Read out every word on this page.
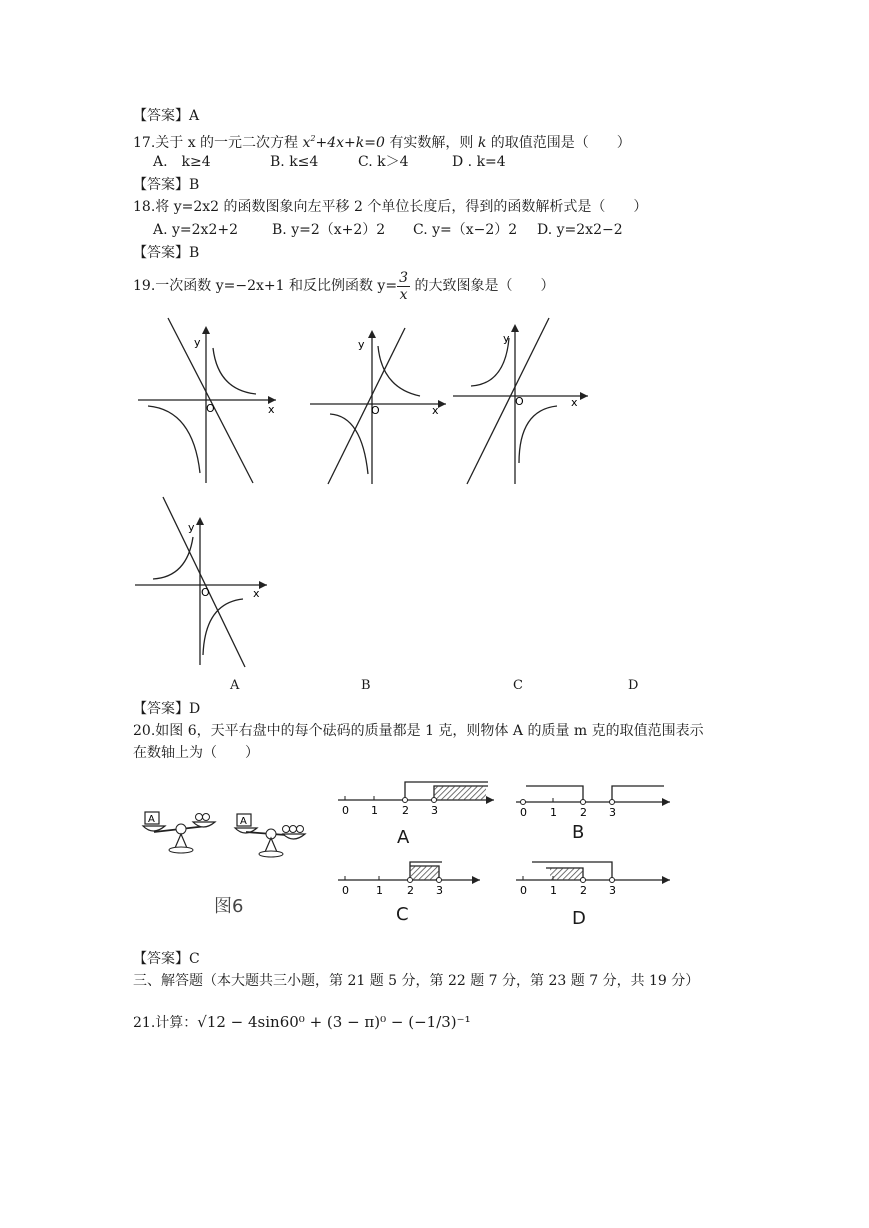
【答案】A
17.关于 x 的一元二次方程 $x^2+4x+k=0$ 有实数解，则 k 的取值范围是（　　）
A.　k≥4	B. k≤4	C. k＞4	D . k=4
【答案】B
18.将 y=2x2 的函数图象向左平移 2 个单位长度后，得到的函数解析式是（　　）
A. y=2x2+2 B. y=2（x+2）2 C. y=（x−2）2 D. y=2x2−2
【答案】B
19.一次函数 y=−2x+1 和反比例函数 $y= \frac{3}{x}$ 的大致图象是（　　）
y
x
O
y
x
O
y
x
O
y
x
O
A	B	C	D
【答案】D
20.如图 6，天平右盘中的每个砝码的质量都是 1 克，则物体 A 的质量 m 克的取值范围表示
在数轴上为（　　）
A	A
图6
0 1 2 3
A
0 1 2 3
B
0 1 2 3
C
0 1 2 3
D
【答案】C
三、解答题（本大题共三小题，第 21 题 5 分，第 22 题 7 分，第 23 题 7 分，共 19 分）
21.计算：√12 − 4sin60⁰ + (3 − π)⁰ − (−1/3)⁻¹
